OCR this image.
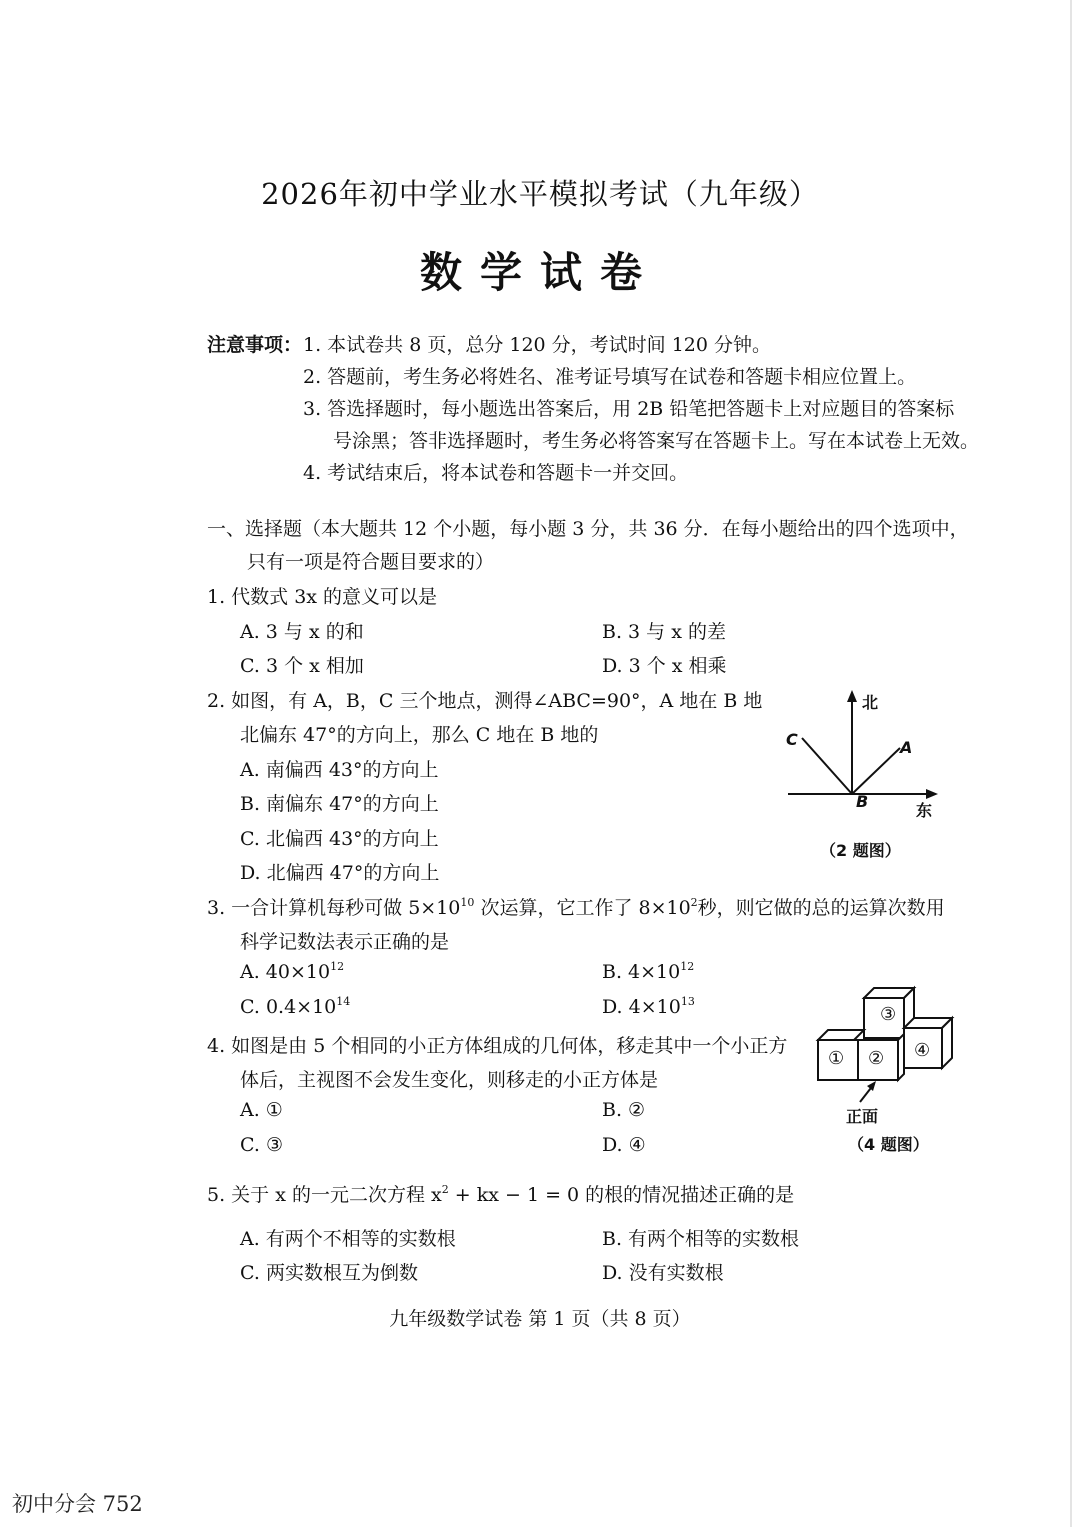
2026年初中学业水平模拟考试（九年级）
数学试卷
注意事项： 1. 本试卷共 8 页，总分 120 分，考试时间 120 分钟。
2. 答题前，考生务必将姓名、准考证号填写在试卷和答题卡相应位置上。
3. 答选择题时，每小题选出答案后，用 2B 铅笔把答题卡上对应题目的答案标
号涂黑；答非选择题时，考生务必将答案写在答题卡上。写在本试卷上无效。
4. 考试结束后，将本试卷和答题卡一并交回。
一、选择题（本大题共 12 个小题，每小题 3 分，共 36 分．在每小题给出的四个选项中，
只有一项是符合题目要求的）
1. 代数式 3x 的意义可以是
A. 3 与 x 的和	B. 3 与 x 的差
C. 3 个 x 相加	D. 3 个 x 相乘
2. 如图，有 A，B，C 三个地点，测得∠ABC=90°，A 地在 B 地
北偏东 47°的方向上，那么 C 地在 B 地的
A. 南偏西 43°的方向上
B. 南偏东 47°的方向上
C. 北偏西 43°的方向上
D. 北偏西 47°的方向上
北
东
A
B
C
（2 题图）
3. 一合计算机每秒可做 $5\times 10^{10}$ 次运算，它工作了 $8\times 10^2$秒，则它做的总的运算次数用
科学记数法表示正确的是
A. $40\times 10^{12}$	B. $4\times 10^{12}$
C. $0.4\times 10^{14}$	D. $4\times 10^{13}$
4. 如图是由 5 个相同的小正方体组成的几何体，移走其中一个小正方
体后，主视图不会发生变化，则移走的小正方体是
A. ①	B. ②
C. ③	D. ④
③
④
① ②
正面
（4 题图）
5. 关于 x 的一元二次方程 $x^2$ + kx − 1 = 0 的根的情况描述正确的是
A. 有两个不相等的实数根	B. 有两个相等的实数根
C. 两实数根互为倒数	D. 没有实数根
九年级数学试卷 第 1 页（共 8 页）
初中分会 752
